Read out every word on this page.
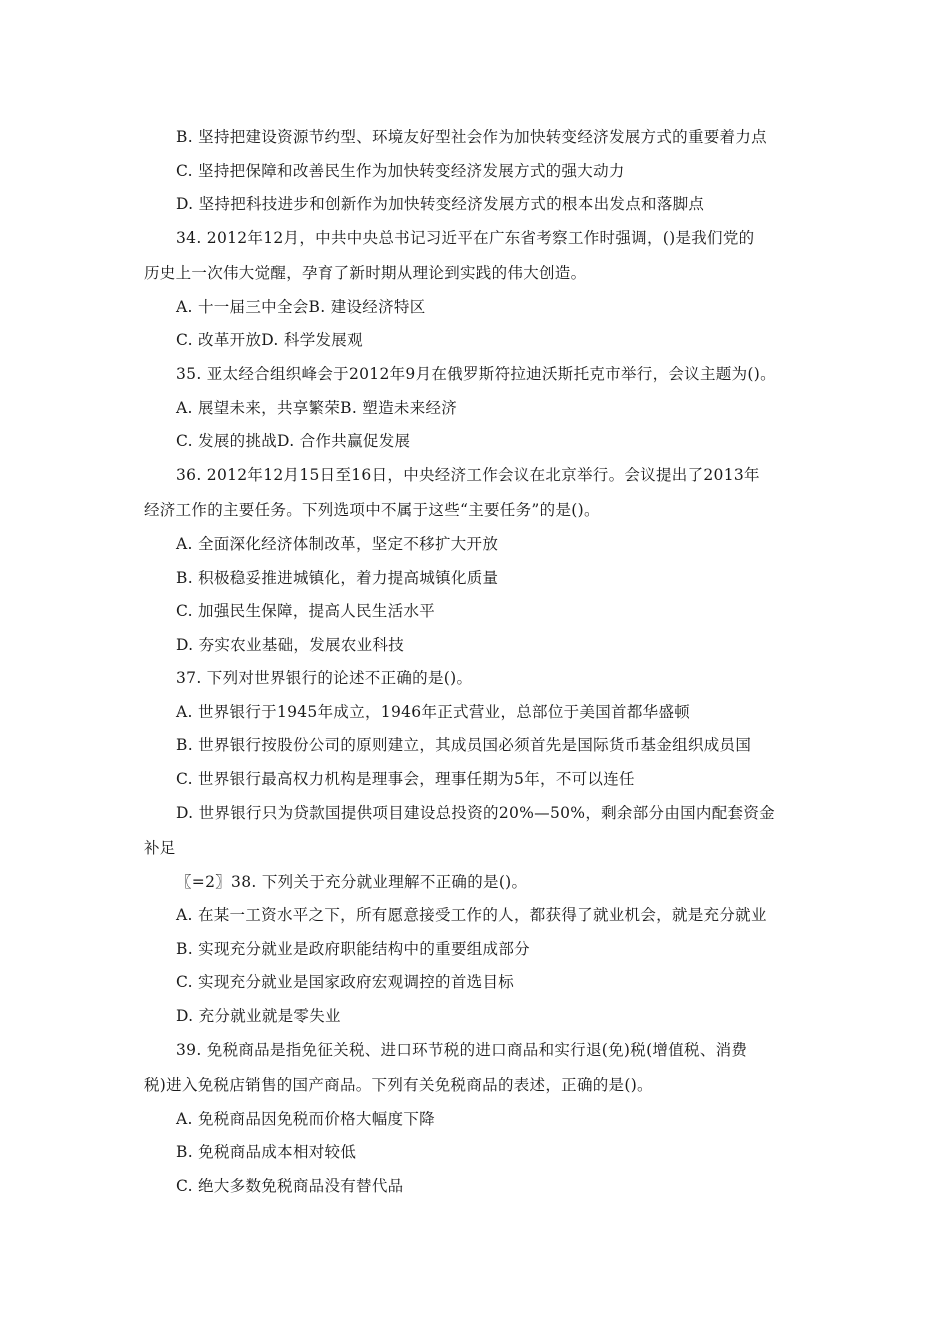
B. 坚持把建设资源节约型、环境友好型社会作为加快转变经济发展方式的重要着力点
C. 坚持把保障和改善民生作为加快转变经济发展方式的强大动力
D. 坚持把科技进步和创新作为加快转变经济发展方式的根本出发点和落脚点
34. 2012年12月，中共中央总书记习近平在广东省考察工作时强调，()是我们党的
历史上一次伟大觉醒，孕育了新时期从理论到实践的伟大创造。
A. 十一届三中全会B. 建设经济特区
C. 改革开放D. 科学发展观
35. 亚太经合组织峰会于2012年9月在俄罗斯符拉迪沃斯托克市举行，会议主题为()。
A. 展望未来，共享繁荣B. 塑造未来经济
C. 发展的挑战D. 合作共赢促发展
36. 2012年12月15日至16日，中央经济工作会议在北京举行。会议提出了2013年
经济工作的主要任务。下列选项中不属于这些“主要任务”的是()。
A. 全面深化经济体制改革，坚定不移扩大开放
B. 积极稳妥推进城镇化，着力提高城镇化质量
C. 加强民生保障，提高人民生活水平
D. 夯实农业基础，发展农业科技
37. 下列对世界银行的论述不正确的是()。
A. 世界银行于1945年成立，1946年正式营业，总部位于美国首都华盛顿
B. 世界银行按股份公司的原则建立，其成员国必须首先是国际货币基金组织成员国
C. 世界银行最高权力机构是理事会，理事任期为5年，不可以连任
D. 世界银行只为贷款国提供项目建设总投资的20%—50%，剩余部分由国内配套资金
补足
〖=2〗38. 下列关于充分就业理解不正确的是()。
A. 在某一工资水平之下，所有愿意接受工作的人，都获得了就业机会，就是充分就业
B. 实现充分就业是政府职能结构中的重要组成部分
C. 实现充分就业是国家政府宏观调控的首选目标
D. 充分就业就是零失业
39. 免税商品是指免征关税、进口环节税的进口商品和实行退(免)税(增值税、消费
税)进入免税店销售的国产商品。下列有关免税商品的表述，正确的是()。
A. 免税商品因免税而价格大幅度下降
B. 免税商品成本相对较低
C. 绝大多数免税商品没有替代品
